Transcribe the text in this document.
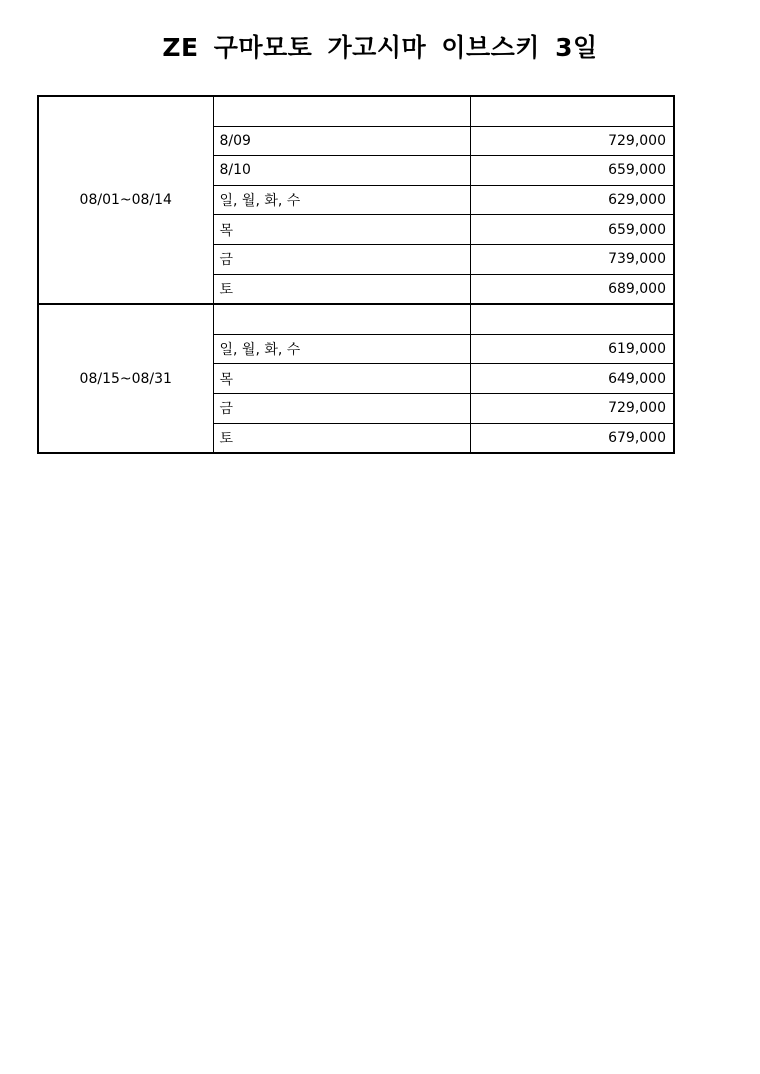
ZE 구마모토 가고시마 이브스키 3일
08/01~08/14		
	8/09	729,000
	8/10	659,000
	일, 월, 화, 수	629,000
	목	659,000
	금	739,000
	토	689,000
08/15~08/31		
	일, 월, 화, 수	619,000
	목	649,000
	금	729,000
	토	679,000
